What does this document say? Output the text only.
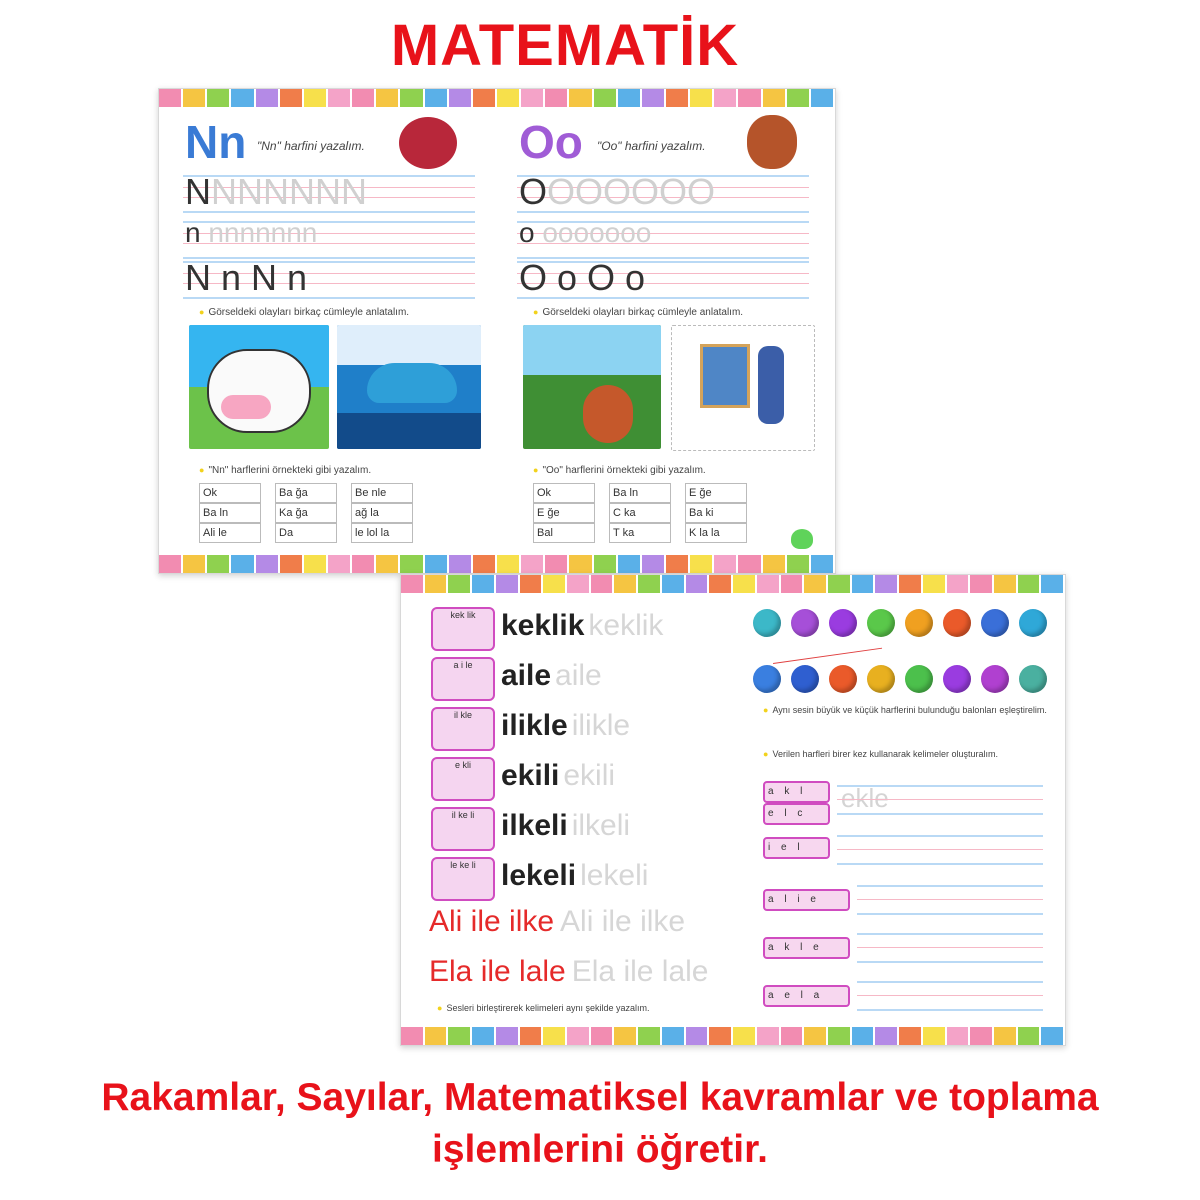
MATEMATİK
Nn "Nn" harfini yazalım.
NNNNNNN
n nnnnnnn
N n N n
● Görseldeki olayları birkaç cümleyle anlatalım.
● "Nn" harflerini örnekteki gibi yazalım.
Ok	Ba ğa	Be nle
Ba ln	Ka ğa	ağ la
Ali le	Da	le lol la
Oo "Oo" harfini yazalım.
OOOOOOO
o ooooooo
O o O o
● Görseldeki olayları birkaç cümleyle anlatalım.
● "Oo" harflerini örnekteki gibi yazalım.
Ok	Ba ln	E ğe
E ğe	C ka	Ba ki
Bal	T ka	K la la
kek lik keklik keklik
a i le aile aile
il kle ilikle ilikle
e kli	ekili ekili
il ke li ilkeli ilkeli
le ke li lekeli lekeli
Ali ile ilke Ali ile ilke
Ela ile lale Ela ile lale
● Sesleri birleştirerek kelimeleri aynı şekilde yazalım.
● Aynı sesin büyük ve küçük harflerini bulunduğu balonları eşleştirelim.
● Verilen harfleri birer kez kullanarak kelimeler oluşturalım.
a k l
e l c
ekle
i e l
a l i e
a k l e
a e l a
Rakamlar, Sayılar, Matematiksel kavramlar ve toplama
işlemlerini öğretir.
